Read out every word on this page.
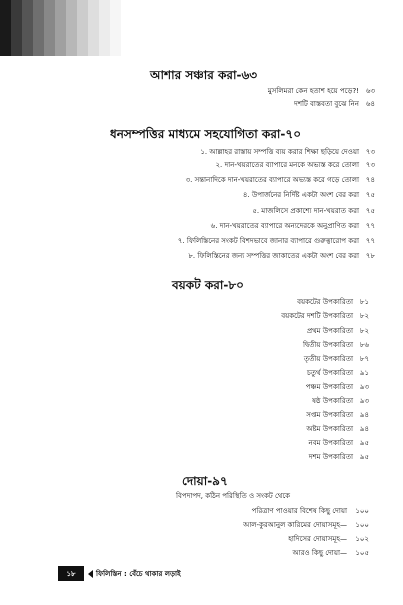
আশার সঞ্চার করা-৬৩
মুসলিমরা কেন হতাশ হয়ে পড়ে?! ৬৩
দশটি বাস্তবতা বুঝে নিন ৬৪
ধনসম্পত্তির মাধ্যমে সহযোগিতা করা-৭০
১. আল্লাহর রাস্তায় সম্পত্তি ব্যয় করার শিক্ষা ছড়িয়ে দেওয়া ৭৩
২. দান-খয়রাতের ব্যাপারে মনকে অভ্যস্ত করে তোলা ৭৩
৩. সন্তানাদিকে দান-খয়রাতের ব্যাপারে অভ্যস্ত করে গড়ে তোলা ৭৪
৪. উপার্জনের নির্দিষ্ট একটা অংশ বের করা ৭৫
৫. মাজলিসে প্রকাশ্যে দান-খয়রাত করা ৭৫
৬. দান-খয়রাতের ব্যাপারে অন্যদেরকে অনুপ্রাণিত করা ৭৭
৭. ফিলিস্তিনের সংকট বিশদভাবে জানার ব্যাপারে গুরুত্বারোপ করা ৭৭
৮. ফিলিস্তিনের জন্য সম্পত্তির জাকাতের একটা অংশ বের করা ৭৮
বয়কট করা-৮০
বয়কটের উপকারিতা ৮১
বয়কটের দশটি উপকারিতা ৮২
প্রথম উপকারিতা ৮২
দ্বিতীয় উপকারিতা ৮৬
তৃতীয় উপকারিতা ৮৭
চতুর্থ উপকারিতা ৯১
পঞ্চম উপকারিতা ৯৩
ষষ্ঠ উপকারিতা ৯৩
সপ্তম উপকারিতা ৯৪
অষ্টম উপকারিতা ৯৪
নবম উপকারিতা ৯৫
দশম উপকারিতা ৯৫
দোয়া-৯৭
বিপদাপদ, কঠিন পরিস্থিতি ও সংকট থেকে
পরিত্রাণ পাওয়ার বিশেষ কিছু দোয়া	১০০
আল-কুরআনুল কারিমের দোয়াসমূহ—	১০০
হাদিসের দোয়াসমূহ—	১০২
আরও কিছু দোয়া—	১০৫
১৮	ফিলিস্তিন : বেঁচে থাকার লড়াই
